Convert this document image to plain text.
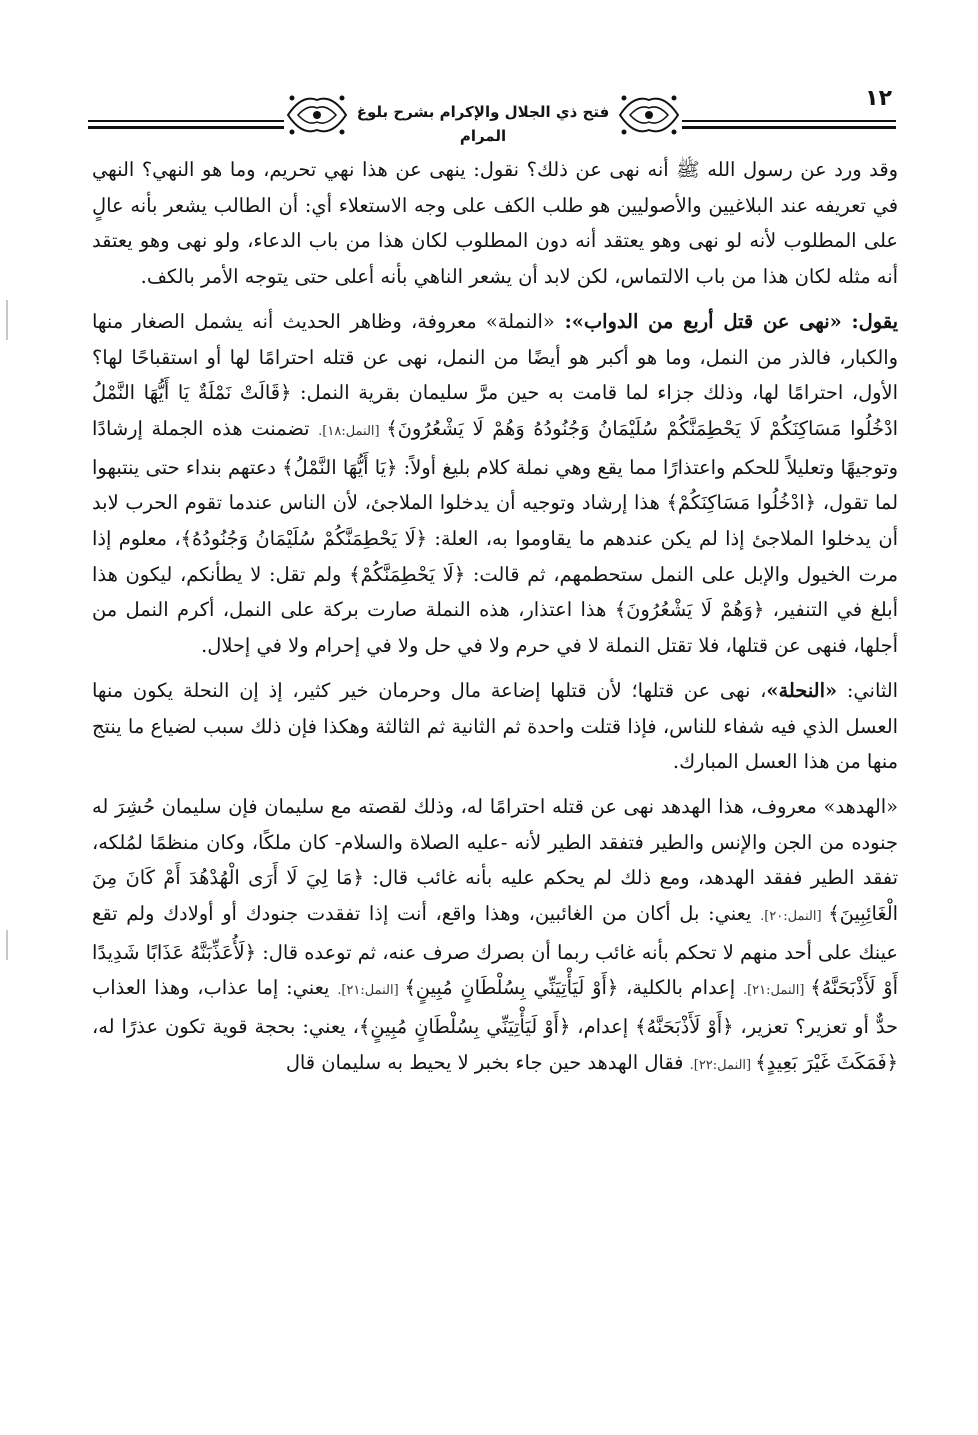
فتح ذي الجلال والإكرام بشرح بلوغ المرام
١٢

وقد ورد عن رسول الله ﷺ أنه نهى عن ذلك؟ نقول: ينهى عن هذا نهي تحريم، وما هو النهي؟ النهي في تعريفه عند البلاغيين والأصوليين هو طلب الكف على وجه الاستعلاء أي: أن الطالب يشعر بأنه عالٍ على المطلوب لأنه لو نهى وهو يعتقد أنه دون المطلوب لكان هذا من باب الدعاء، ولو نهى وهو يعتقد أنه مثله لكان هذا من باب الالتماس، لكن لابد أن يشعر الناهي بأنه أعلى حتى يتوجه الأمر بالكف.

يقول: «نهى عن قتل أربع من الدواب»: «النملة» معروفة، وظاهر الحديث أنه يشمل الصغار منها والكبار، فالذر من النمل، وما هو أكبر هو أيضًا من النمل، نهى عن قتله احترامًا لها أو استقباحًا لها؟ الأول، احترامًا لها، وذلك جزاء لما قامت به حين مرَّ سليمان بقرية النمل: ﴿قَالَتْ نَمْلَةٌ يَا أَيُّهَا النَّمْلُ ادْخُلُوا مَسَاكِنَكُمْ لَا يَحْطِمَنَّكُمْ سُلَيْمَانُ وَجُنُودُهُ وَهُمْ لَا يَشْعُرُونَ﴾ [النمل:١٨]. تضمنت هذه الجملة إرشادًا وتوجيهًا وتعليلاً للحكم واعتذارًا مما يقع وهي نملة كلام بليغ أولاً: ﴿يَا أَيُّهَا النَّمْلُ﴾ دعتهم بنداء حتى ينتبهوا لما تقول، ﴿ادْخُلُوا مَسَاكِنَكُمْ﴾ هذا إرشاد وتوجيه أن يدخلوا الملاجئ، لأن الناس عندما تقوم الحرب لابد أن يدخلوا الملاجئ إذا لم يكن عندهم ما يقاوموا به، العلة: ﴿لَا يَحْطِمَنَّكُمْ سُلَيْمَانُ وَجُنُودُهُ﴾، معلوم إذا مرت الخيول والإبل على النمل ستحطمهم، ثم قالت: ﴿لَا يَحْطِمَنَّكُمْ﴾ ولم تقل: لا يطأنكم، ليكون هذا أبلغ في التنفير، ﴿وَهُمْ لَا يَشْعُرُونَ﴾ هذا اعتذار، هذه النملة صارت بركة على النمل، أكرم النمل من أجلها، فنهى عن قتلها، فلا تقتل النملة لا في حرم ولا في حل ولا في إحرام ولا في إحلال.

الثاني: «النحلة»، نهى عن قتلها؛ لأن قتلها إضاعة مال وحرمان خير كثير، إذ إن النحلة يكون منها العسل الذي فيه شفاء للناس، فإذا قتلت واحدة ثم الثانية ثم الثالثة وهكذا فإن ذلك سبب لضياع ما ينتج منها من هذا العسل المبارك.

«الهدهد» معروف، هذا الهدهد نهى عن قتله احترامًا له، وذلك لقصته مع سليمان فإن سليمان حُشِرَ له جنوده من الجن والإنس والطير فتفقد الطير لأنه -عليه الصلاة والسلام- كان ملكًا، وكان منظمًا لمُلكه، تفقد الطير ففقد الهدهد، ومع ذلك لم يحكم عليه بأنه غائب قال: ﴿مَا لِيَ لَا أَرَى الْهُدْهُدَ أَمْ كَانَ مِنَ الْغَائِبِينَ﴾ [النمل:٢٠]. يعني: بل أكان من الغائبين، وهذا واقع، أنت إذا تفقدت جنودك أو أولادك ولم تقع عينك على أحد منهم لا تحكم بأنه غائب ربما أن بصرك صرف عنه، ثم توعده قال: ﴿لَأُعَذِّبَنَّهُ عَذَابًا شَدِيدًا أَوْ لَأَذْبَحَنَّهُ﴾ [النمل:٢١]. إعدام بالكلية، ﴿أَوْ لَيَأْتِيَنِّي بِسُلْطَانٍ مُبِينٍ﴾ [النمل:٢١]. يعني: إما عذاب، وهذا العذاب حدٌّ أو تعزير؟ تعزير، ﴿أَوْ لَأَذْبَحَنَّهُ﴾ إعدام، ﴿أَوْ لَيَأْتِيَنِّي بِسُلْطَانٍ مُبِينٍ﴾، يعني: بحجة قوية تكون عذرًا له، ﴿فَمَكَثَ غَيْرَ بَعِيدٍ﴾ [النمل:٢٢]. فقال الهدهد حين جاء بخبر لا يحيط به سليمان قال
